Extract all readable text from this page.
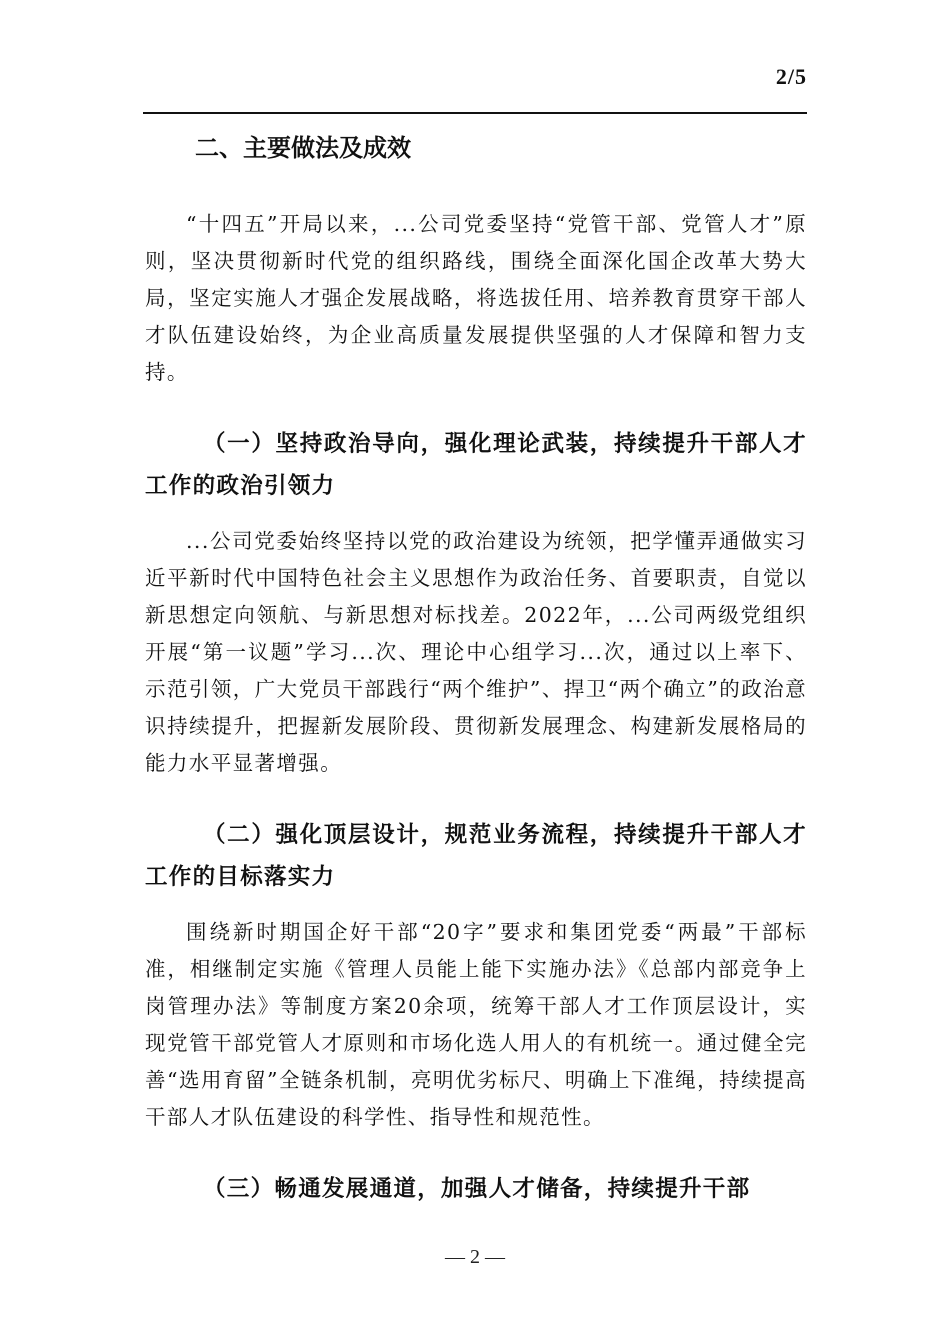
2/5
二、主要做法及成效

“十四五”开局以来，...公司党委坚持“党管干部、党管人才”原则，坚决贯彻新时代党的组织路线，围绕全面深化国企改革大势大局，坚定实施人才强企发展战略，将选拔任用、培养教育贯穿干部人才队伍建设始终，为企业高质量发展提供坚强的人才保障和智力支持。

（一）坚持政治导向，强化理论武装，持续提升干部人才工作的政治引领力

...公司党委始终坚持以党的政治建设为统领，把学懂弄通做实习近平新时代中国特色社会主义思想作为政治任务、首要职责，自觉以新思想定向领航、与新思想对标找差。2022年，...公司两级党组织开展“第一议题”学习...次、理论中心组学习...次，通过以上率下、示范引领，广大党员干部践行“两个维护”、捍卫“两个确立”的政治意识持续提升，把握新发展阶段、贯彻新发展理念、构建新发展格局的能力水平显著增强。

（二）强化顶层设计，规范业务流程，持续提升干部人才工作的目标落实力

围绕新时期国企好干部“20字”要求和集团党委“两最”干部标准，相继制定实施《管理人员能上能下实施办法》《总部内部竞争上岗管理办法》等制度方案20余项，统筹干部人才工作顶层设计，实现党管干部党管人才原则和市场化选人用人的有机统一。通过健全完善“选用育留”全链条机制，亮明优劣标尺、明确上下准绳，持续提高干部人才队伍建设的科学性、指导性和规范性。

（三）畅通发展通道，加强人才储备，持续提升干部
— 2 —
